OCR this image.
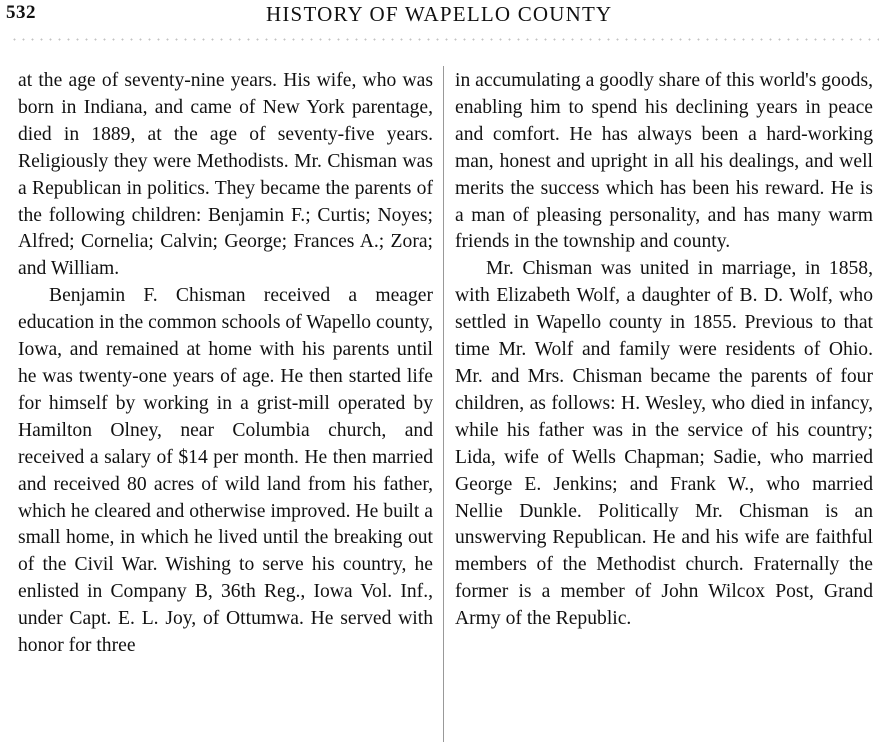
532	HISTORY OF WAPELLO COUNTY

at the age of seventy-nine years. His wife, who was born in Indiana, and came of New York parentage, died in 1889, at the age of seventy-five years. Religiously they were Methodists. Mr. Chisman was a Republican in politics. They became the parents of the following children: Benjamin F.; Curtis; Noyes; Alfred; Cornelia; Calvin; George; Frances A.; Zora; and William.

Benjamin F. Chisman received a meager education in the common schools of Wapello county, Iowa, and remained at home with his parents until he was twenty-one years of age. He then started life for himself by working in a grist-mill operated by Hamilton Olney, near Columbia church, and received a salary of $14 per month. He then married and received 80 acres of wild land from his father, which he cleared and otherwise improved. He built a small home, in which he lived until the breaking out of the Civil War. Wishing to serve his country, he enlisted in Company B, 36th Reg., Iowa Vol. Inf., under Capt. E. L. Joy, of Ottumwa. He served with honor for three

in accumulating a goodly share of this world's goods, enabling him to spend his declining years in peace and comfort. He has always been a hard-working man, honest and upright in all his dealings, and well merits the success which has been his reward. He is a man of pleasing personality, and has many warm friends in the township and county.

Mr. Chisman was united in marriage, in 1858, with Elizabeth Wolf, a daughter of B. D. Wolf, who settled in Wapello county in 1855. Previous to that time Mr. Wolf and family were residents of Ohio. Mr. and Mrs. Chisman became the parents of four children, as follows: H. Wesley, who died in infancy, while his father was in the service of his country; Lida, wife of Wells Chapman; Sadie, who married George E. Jenkins; and Frank W., who married Nellie Dunkle. Politically Mr. Chisman is an unswerving Republican. He and his wife are faithful members of the Methodist church. Fraternally the former is a member of John Wilcox Post, Grand Army of the Republic.
